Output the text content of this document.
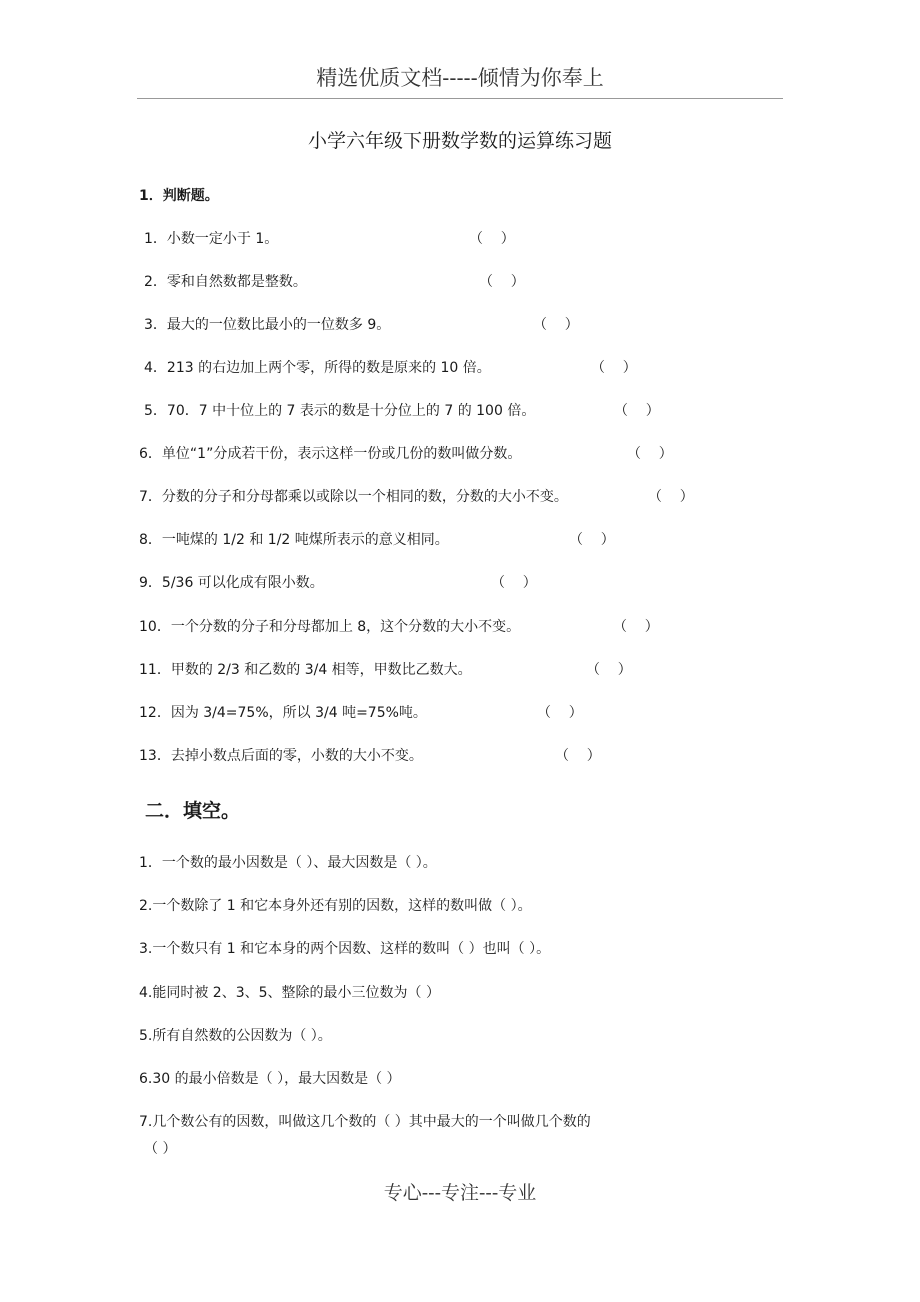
精选优质文档-----倾情为你奉上
小学六年级下册数学数的运算练习题
1．判断题。
1．小数一定小于 1。	（    ）
2．零和自然数都是整数。	（    ）
3．最大的一位数比最小的一位数多 9。	（    ）
4．213 的右边加上两个零，所得的数是原来的 10 倍。	（    ）
5．70．7 中十位上的 7 表示的数是十分位上的 7 的 100 倍。	（    ）
6．单位“1”分成若干份，表示这样一份或几份的数叫做分数。	（    ）
7．分数的分子和分母都乘以或除以一个相同的数，分数的大小不变。	（    ）
8．一吨煤的 1/2 和 1/2 吨煤所表示的意义相同。	（    ）
9．5/36 可以化成有限小数。	（    ）
10．一个分数的分子和分母都加上 8，这个分数的大小不变。	（    ）
11．甲数的 2/3 和乙数的 3/4 相等，甲数比乙数大。	（    ）
12．因为 3/4=75%，所以 3/4 吨=75%吨。	（    ）
13．去掉小数点后面的零，小数的大小不变。	（    ）
二．填空。
1．一个数的最小因数是（ ）、最大因数是（ ）。
2.一个数除了 1 和它本身外还有别的因数，这样的数叫做（ ）。
3.一个数只有 1 和它本身的两个因数、这样的数叫（ ）也叫（ ）。
4.能同时被 2、3、5、整除的最小三位数为（ ）
5.所有自然数的公因数为（ ）。
6.30 的最小倍数是（ ），最大因数是（ ）
7.几个数公有的因数，叫做这几个数的（ ）其中最大的一个叫做几个数的
（ ）
专心---专注---专业
